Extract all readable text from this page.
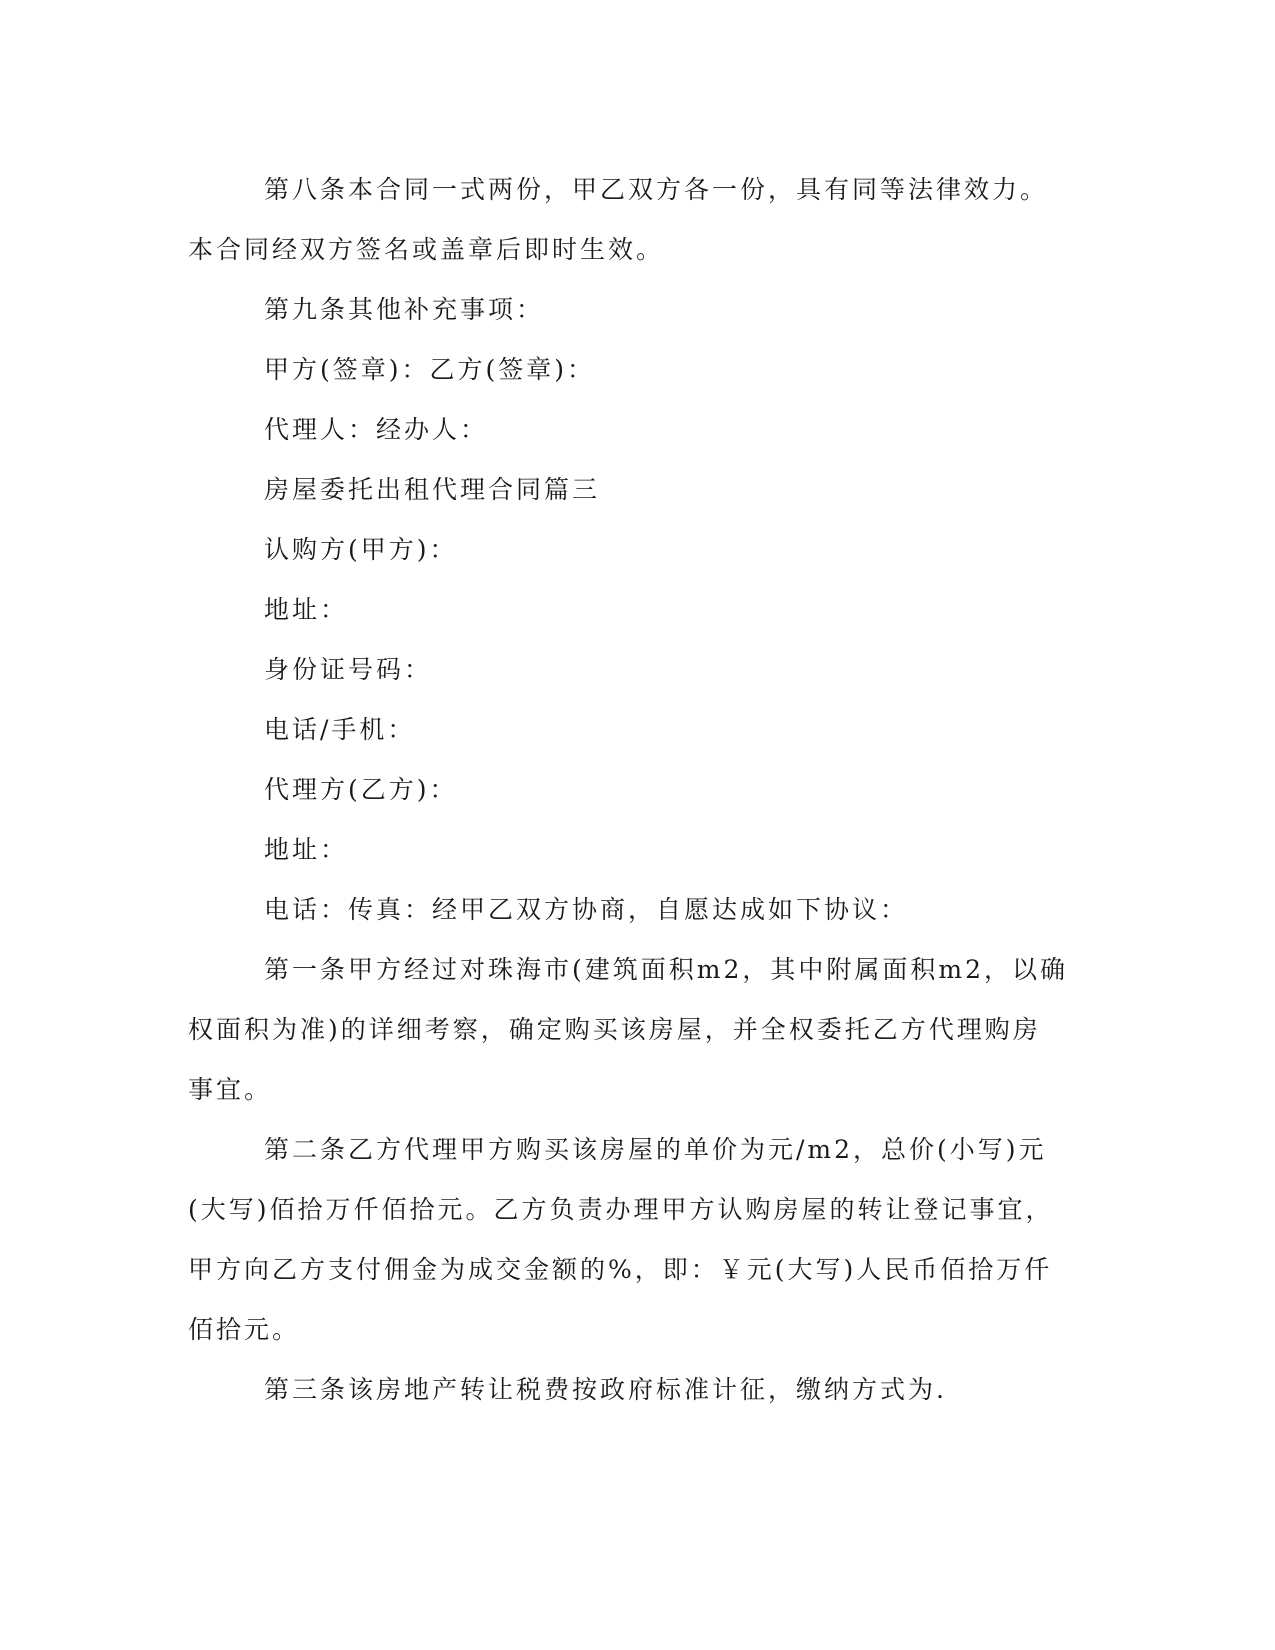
第八条本合同一式两份，甲乙双方各一份，具有同等法律效力。本合同经双方签名或盖章后即时生效。

第九条其他补充事项：

甲方(签章)：乙方(签章)：

代理人：经办人：

房屋委托出租代理合同篇三

认购方(甲方)：

地址：

身份证号码：

电话/手机：

代理方(乙方)：

地址：

电话：传真：经甲乙双方协商，自愿达成如下协议：

第一条甲方经过对珠海市(建筑面积m2，其中附属面积m2，以确权面积为准)的详细考察，确定购买该房屋，并全权委托乙方代理购房事宜。

第二条乙方代理甲方购买该房屋的单价为元/m2，总价(小写)元(大写)佰拾万仟佰拾元。乙方负责办理甲方认购房屋的转让登记事宜，甲方向乙方支付佣金为成交金额的%，即：￥元(大写)人民币佰拾万仟佰拾元。

第三条该房地产转让税费按政府标准计征，缴纳方式为.
